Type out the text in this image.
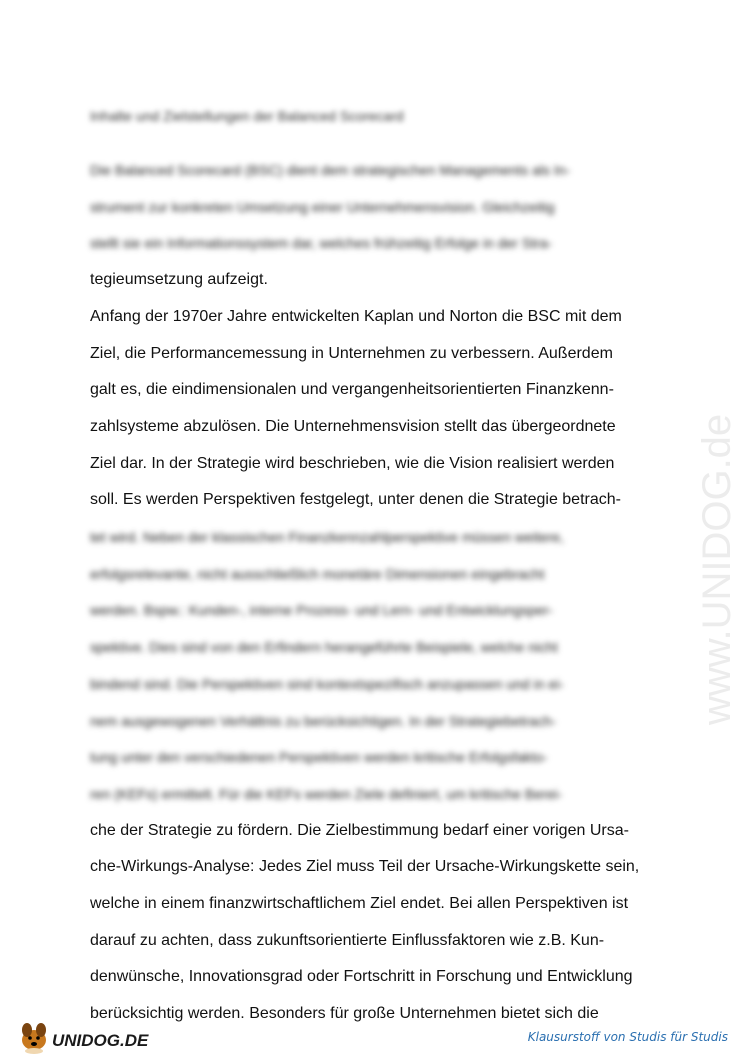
Inhalte und Zielstellungen der Balanced Scorecard
Die Balanced Scorecard (BSC) dient dem strategischen Managements als In-
strument zur konkreten Umsetzung einer Unternehmensvision. Gleichzeitig
stellt sie ein Informationssystem dar, welches frühzeitig Erfolge in der Stra-
tegieumsetzung aufzeigt.
Anfang der 1970er Jahre entwickelten Kaplan und Norton die BSC mit dem
Ziel, die Performancemessung in Unternehmen zu verbessern. Außerdem
galt es, die eindimensionalen und vergangenheitsorientierten Finanzkenn-
zahlsysteme abzulösen. Die Unternehmensvision stellt das übergeordnete
Ziel dar. In der Strategie wird beschrieben, wie die Vision realisiert werden
soll. Es werden Perspektiven festgelegt, unter denen die Strategie betrach-
tet wird. Neben der klassischen Finanzkennzahlperspektive müssen weitere,
erfolgsrelevante, nicht ausschließlich monetäre Dimensionen eingebracht
werden. Bspw.: Kunden-, interne Prozess- und Lern- und Entwicklungsper-
spektive. Dies sind von den Erfindern herangeführte Beispiele, welche nicht
bindend sind. Die Perspektiven sind kontextspezifisch anzupassen und in ei-
nem ausgewogenen Verhältnis zu berücksichtigen. In der Strategiebetrach-
tung unter den verschiedenen Perspektiven werden kritische Erfolgsfakto-
ren (KEFs) ermittelt. Für die KEFs werden Ziele definiert, um kritische Berei-
che der Strategie zu fördern. Die Zielbestimmung bedarf einer vorigen Ursa-
che-Wirkungs-Analyse: Jedes Ziel muss Teil der Ursache-Wirkungskette sein,
welche in einem finanzwirtschaftlichem Ziel endet. Bei allen Perspektiven ist
darauf zu achten, dass zukunftsorientierte Einflussfaktoren wie z.B. Kun-
denwünsche, Innovationsgrad oder Fortschritt in Forschung und Entwicklung
berücksichtig werden. Besonders für große Unternehmen bietet sich die
www.UNIDOG.de
UNIDOG.DE	Klausurstoff von Studis für Studis
